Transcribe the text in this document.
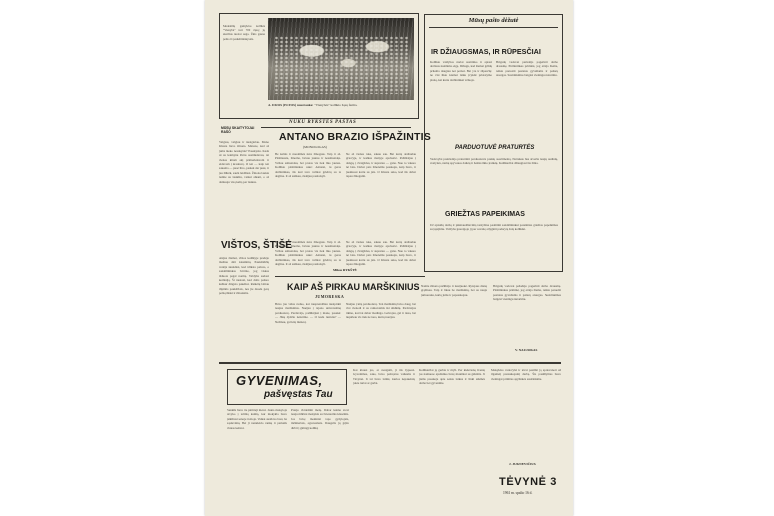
Medelėlių gamyklos kolūkis "Vienybė" turi 700 žąsų; jų skaičius nuolat auga. Ūkis gauna pelno iš paukštininkystės.
A. DIJOS (ELTOS) nuotrauka: "Vienybės" kolūkio žąsų ferma.
MŪSŲ SKAITYTOJAI RAŠO
NUKŪ RYKŠTES PAŠTAS
ANTANO BRAZIO IŠPAŽINTIS
(MONOLOGAS)
Valgiau, valgiau ir nusigėriau. Mano žmona buvo žmona. Manote, kad aš jums nieko nesakysiu? Pasakysiu. Kada aš su kaimynu Petru susitikdavau, tai vienas kitam akį primerkdavom ir eidavom į krautuvę. O ten — kaip ten sakoma — pusė litro, paskui dar pusė, ir jau žiūrėk, saulė leidžiasi. Žmona laukia namie su šaukštu, vaikai alkani, o aš dainuoju visą kelią per laukus.
Be kaltės ir nuodėmės nėra žmogaus. Taip ir aš. Pirmiausia, žinoma, buvau jaunas ir nesubrendęs. Vėliau subrendau, bet protas vis tiek liko jaunas. Kolūkio pirmininkas sakė: Antanai, tu geras darbininkas, tik kad tave velniai griebtų su ta degtine. Ir aš sutikau, žadėjau pasitaisyti.
Ne aš vienas toks, sakau sau. Bet kartą atsibudau griovyje, ir kažkas manyje apsivertė. Pažiūrėjau į dangų, į žvaigždes, ir supratau — gana. Nuo to vakaro nė lašo. Dabar pats žmonėms pasakoju, kaip buvo, ir juokiuosi kartu su jais. O žmona sako, kad tik dabar tapau žmogumi.
Mikas RYKŠTĖ
VIŠTOS, ŠTIŠĖ
Atėjus žiemai, vištos kolūkyje pradėjo mažiau dėti kiaušinių. Paukštidžių vedėja skundėsi, kad trūksta pašaro, o sandėlininkas tvirtino, jog viskas išduota pagal normą. Valdyba sudarė komisiją. Ši nustatė, kad dalis pašaro kažkur dingsta pakeliui. Reikėtų labiau rūpintis paukščiais, nes jie duoda gerą pelną ūkiui ir žmonėms.
Be kaltės ir nuodėmės nėra žmogaus. Taip ir aš. Pirmiausia, žinoma, buvau jaunas ir nesubrendęs. Vėliau subrendau, bet protas vis tiek liko jaunas. Kolūkio pirmininkas sakė: Antanai, tu geras darbininkas, tik kad tave velniai griebtų su ta degtine. Ir aš sutikau, žadėjau pasitaisyti.
Ne aš vienas toks, sakau sau. Bet kartą atsibudau griovyje, ir kažkas manyje apsivertė. Pažiūrėjau į dangų, į žvaigždes, ir supratau — gana. Nuo to vakaro nė lašo. Dabar pats žmonėms pasakoju, kaip buvo, ir juokiuosi kartu su jais. O žmona sako, kad tik dabar tapau žmogumi.
KAIP AŠ PIRKAU MARŠKINIUS
JUMORESKA
Buvo jau vėlus ruduo, kai nusprendžiau nusipirkti naujus marškinius. Nuėjau į rajono universalinę parduotuvę. Pardavėja, pažiūrėjusi į mane, pasakė: — Jūsų dydžio neturime. — O kada turėsite? — Nežinau, gal kitą mėnesį.
Nuėjau į kitą parduotuvę. Ten marškinių buvo daug, bet visi vienodi ir su rankovėmis iki alkūnių. Pardavėjas tikino, kad tai dabar madinga. Galvojau, gal ir tiesa, bet nupirkau vis tiek ne tuos, kurių norėjau.
Namie žmona pažiūrėjo ir nusijuokė. Rytojaus dieną grąžinau. Taip ir likau be marškinių, bet su nauja jumoreska, kurią jums ir papasakojau.
Mūsų pašto dėžutė
IR DŽIAUGSMAS, IR RŪPESČIAI
Kolūkio valdybos nariai susirinko ir aptarė derliaus nuėmimo eigą. Džiugu, kad šiemet grūdų prikulta daugiau nei pernai. Bet yra ir rūpesčių: ne visi ūkio kiemai laiku įvykdė pristatymo planą, kai kurie darbininkai vėluoja.
Brigadų vadovai pažadėjo pagerinti darbo drausmę. Pirmininkas priminė, jog artėja žiema, reikia paruošti pastatus gyvuliams ir pašarų atsargas. Susirinkimas baigėsi vieningu nutarimu.
PARDUOTUVĖ PRATURTĖS
Vadovybė pasižadėjo praturtinti parduotuvės prekių asortimentą. Netrukus bus atvežta naujų audinių, avalynės, namų apyvokos daiktų ir žemės ūkio įrankių. Kolūkiečiai džiaugiasi šia žinia.
GRIEŽTAS PAPEIKIMAS
Už aplaidų darbą ir piktnaudžiavimą tarnybine padėtimi sandėlininkui pareikštas griežtas papeikimas su įspėjimu. Valdyba įpareigojo jį per savaitę atlyginti padarytą žalą kolūkiui.
Brigadų vadovai pažadėjo pagerinti darbo drausmę. Pirmininkas priminė, jog artėja žiema, reikia paruošti pastatus gyvuliams ir pašarų atsargas. Susirinkimas baigėsi vieningu nutarimu.
V. NAUJOKAS
GYVENIMAS,
pašvęstas Tau
Sunkūs buvo tie pirmieji metai. Jauna mokytoja atvyko į tolimą kaimą, kur mokykla buvo įsikūrusi senoje troboje. Vaikai ateidavo basi, be sąsiuvinių. Bet ji nenuleido rankų ir pamažu viskas keitėsi.
Praėjo dvidešimt metų. Dabar kaime stovi nauja mūrinė mokykla su šviesiomis klasėmis. Jos buvę mokiniai tapo gydytojais, inžinieriais, agronomais. Daugelis jų grįžo dirbti į gimtąjį kolūkį.
Kai klausi jos, ar nesigaili, ji tik šypsosi. Gyvenimas, sako, buvo pašvęstas vaikams ir Tėvynei. Ir tai buvo laimė, kurios nepakeistų jokie turtai ar garbė.
Kolūkiečiai ją gerbia ir myli. Per kiekvieną šventę jos namuose apsilanko buvę mokiniai su gėlėmis. Ji jiems pasakoja apie senus laikus ir linki sėkmės darbe bei gyvenime.
Mokyklos vadovybė ir tėvai pasiūlė ją apdovanoti už ilgametį pasiaukojantį darbą. Šis pasiūlymas buvo vieningai priimtas apylinkės susirinkime.
J. JUKNEVIČIUS
TĖVYNĖ 3
1961 m. spalio 16 d.
